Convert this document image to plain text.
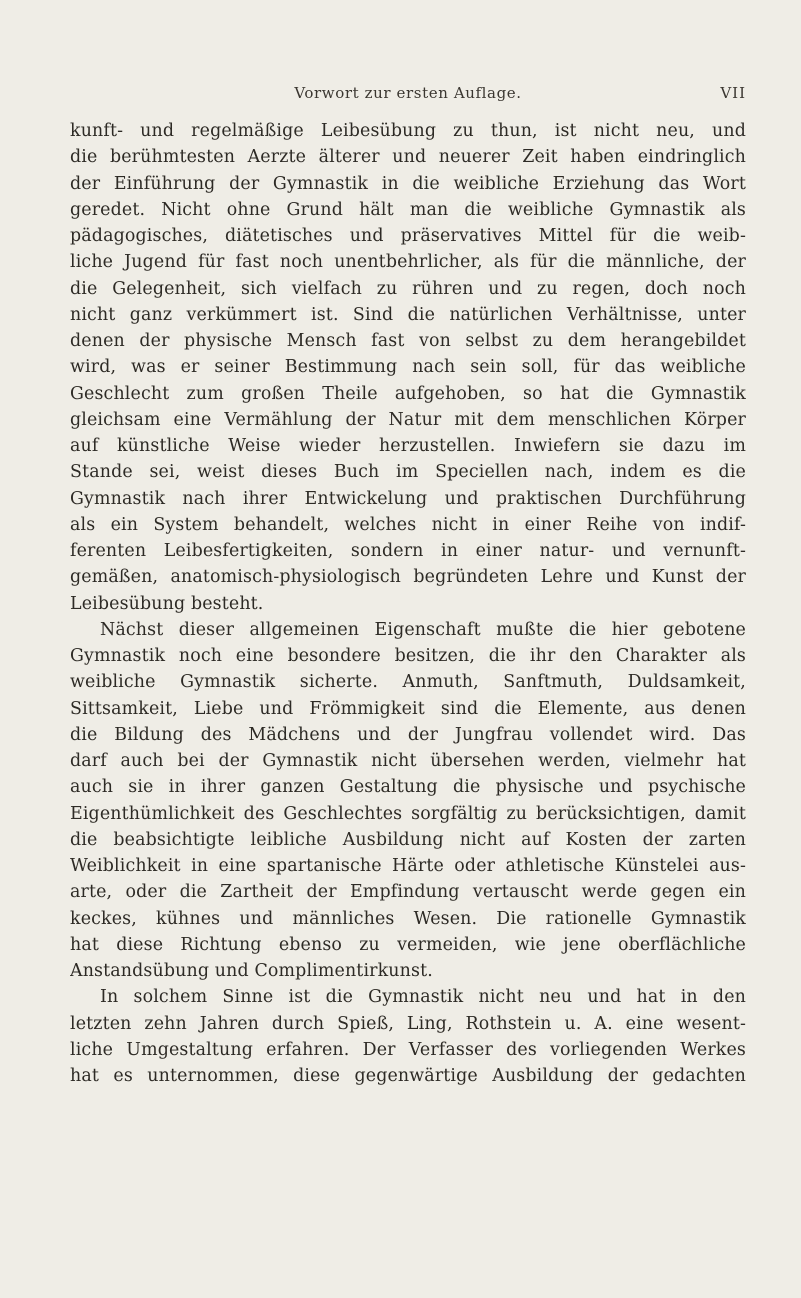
Vorwort zur ersten Auflage.	VII
kunft- und regelmäßige Leibesübung zu thun, ist nicht neu, und
die berühmtesten Aerzte älterer und neuerer Zeit haben eindringlich
der Einführung der Gymnastik in die weibliche Erziehung das Wort
geredet. Nicht ohne Grund hält man die weibliche Gymnastik als
pädagogisches, diätetisches und präservatives Mittel für die weib-
liche Jugend für fast noch unentbehrlicher, als für die männliche, der
die Gelegenheit, sich vielfach zu rühren und zu regen, doch noch
nicht ganz verkümmert ist. Sind die natürlichen Verhältnisse, unter
denen der physische Mensch fast von selbst zu dem herangebildet
wird, was er seiner Bestimmung nach sein soll, für das weibliche
Geschlecht zum großen Theile aufgehoben, so hat die Gymnastik
gleichsam eine Vermählung der Natur mit dem menschlichen Körper
auf künstliche Weise wieder herzustellen. Inwiefern sie dazu im
Stande sei, weist dieses Buch im Speciellen nach, indem es die
Gymnastik nach ihrer Entwickelung und praktischen Durchführung
als ein System behandelt, welches nicht in einer Reihe von indif-
ferenten Leibesfertigkeiten, sondern in einer natur- und vernunft-
gemäßen, anatomisch-physiologisch begründeten Lehre und Kunst der
Leibesübung besteht.
Nächst dieser allgemeinen Eigenschaft mußte die hier gebotene
Gymnastik noch eine besondere besitzen, die ihr den Charakter als
weibliche Gymnastik sicherte. Anmuth, Sanftmuth, Duldsamkeit,
Sittsamkeit, Liebe und Frömmigkeit sind die Elemente, aus denen
die Bildung des Mädchens und der Jungfrau vollendet wird. Das
darf auch bei der Gymnastik nicht übersehen werden, vielmehr hat
auch sie in ihrer ganzen Gestaltung die physische und psychische
Eigenthümlichkeit des Geschlechtes sorgfältig zu berücksichtigen, damit
die beabsichtigte leibliche Ausbildung nicht auf Kosten der zarten
Weiblichkeit in eine spartanische Härte oder athletische Künstelei aus-
arte, oder die Zartheit der Empfindung vertauscht werde gegen ein
keckes, kühnes und männliches Wesen. Die rationelle Gymnastik
hat diese Richtung ebenso zu vermeiden, wie jene oberflächliche
Anstandsübung und Complimentirkunst.
In solchem Sinne ist die Gymnastik nicht neu und hat in den
letzten zehn Jahren durch Spieß, Ling, Rothstein u. A. eine wesent-
liche Umgestaltung erfahren. Der Verfasser des vorliegenden Werkes
hat es unternommen, diese gegenwärtige Ausbildung der gedachten
